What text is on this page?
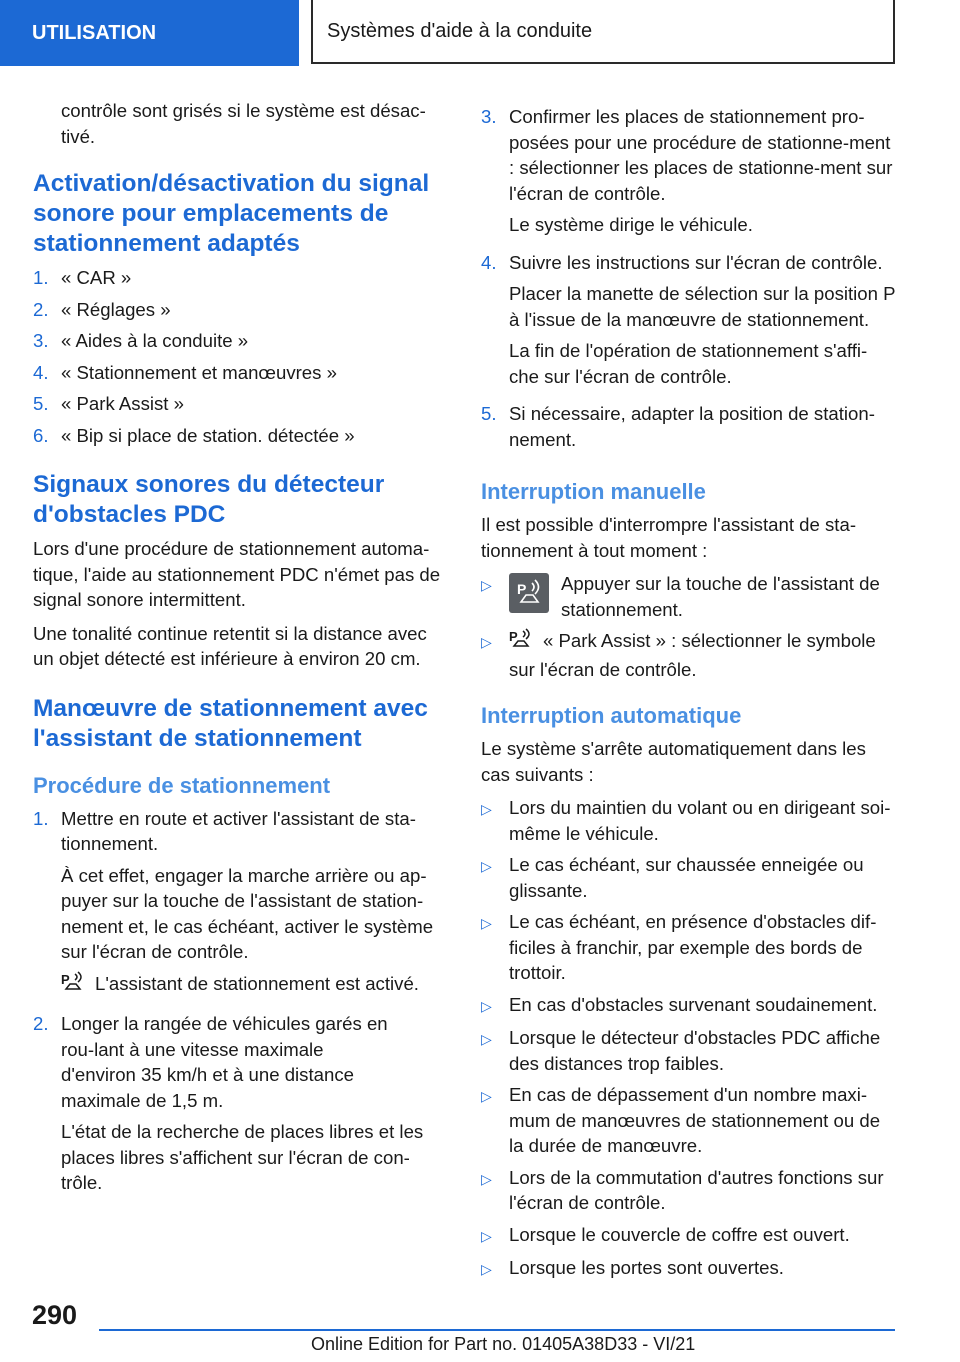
UTILISATION	Systèmes d'aide à la conduite

contrôle sont grisés si le système est désac‐tivé.

Activation/désactivation du signal sonore pour emplacements de stationnement adaptés
1. « CAR »
2. « Réglages »
3. « Aides à la conduite »
4. « Stationnement et manœuvres »
5. « Park Assist »
6. « Bip si place de station. détectée »
Signaux sonores du détecteur d'obstacles PDC

Lors d'une procédure de stationnement automa‐tique, l'aide au stationnement PDC n'émet pas de signal sonore intermittent.

Une tonalité continue retentit si la distance avec un objet détecté est inférieure à environ 20 cm.

Manœuvre de stationnement avec l'assistant de stationnement
Procédure de stationnement
1. Mettre en route et activer l'assistant de sta‐tionnement.

À cet effet, engager la marche arrière ou ap‐puyer sur la touche de l'assistant de station‐nement et, le cas échéant, activer le système sur l'écran de contrôle.

P L'assistant de stationnement est activé.

2. Longer la rangée de véhicules garés en rou‐lant à une vitesse maximale d'environ 35 km/h et à une distance maximale de 1,5 m.

L'état de la recherche de places libres et les places libres s'affichent sur l'écran de con‐trôle.

3. Confirmer les places de stationnement pro‐posées pour une procédure de stationne‐ment : sélectionner les places de stationne‐ment sur l'écran de contrôle.

Le système dirige le véhicule.

4. Suivre les instructions sur l'écran de contrôle.

Placer la manette de sélection sur la position P à l'issue de la manœuvre de stationnement.

La fin de l'opération de stationnement s'affi‐che sur l'écran de contrôle.

5. Si nécessaire, adapter la position de station‐nement.

Interruption manuelle

Il est possible d'interrompre l'assistant de sta‐tionnement à tout moment :

▷	P Appuyer sur la touche de l'assistant de stationnement.
▷	P « Park Assist » : sélectionner le symbole sur l'écran de contrôle.
Interruption automatique

Le système s'arrête automatiquement dans les cas suivants :

▷ Lors du maintien du volant ou en dirigeant soi-même le véhicule.
▷ Le cas échéant, sur chaussée enneigée ou glissante.
▷ Le cas échéant, en présence d'obstacles dif‐ficiles à franchir, par exemple des bords de trottoir.
▷ En cas d'obstacles survenant soudainement.
▷ Lorsque le détecteur d'obstacles PDC affiche des distances trop faibles.
▷ En cas de dépassement d'un nombre maxi‐mum de manœuvres de stationnement ou de la durée de manœuvre.
▷ Lors de la commutation d'autres fonctions sur l'écran de contrôle.
▷ Lorsque le couvercle de coffre est ouvert.
▷ Lorsque les portes sont ouvertes.
290
Online Edition for Part no. 01405A38D33 - VI/21
